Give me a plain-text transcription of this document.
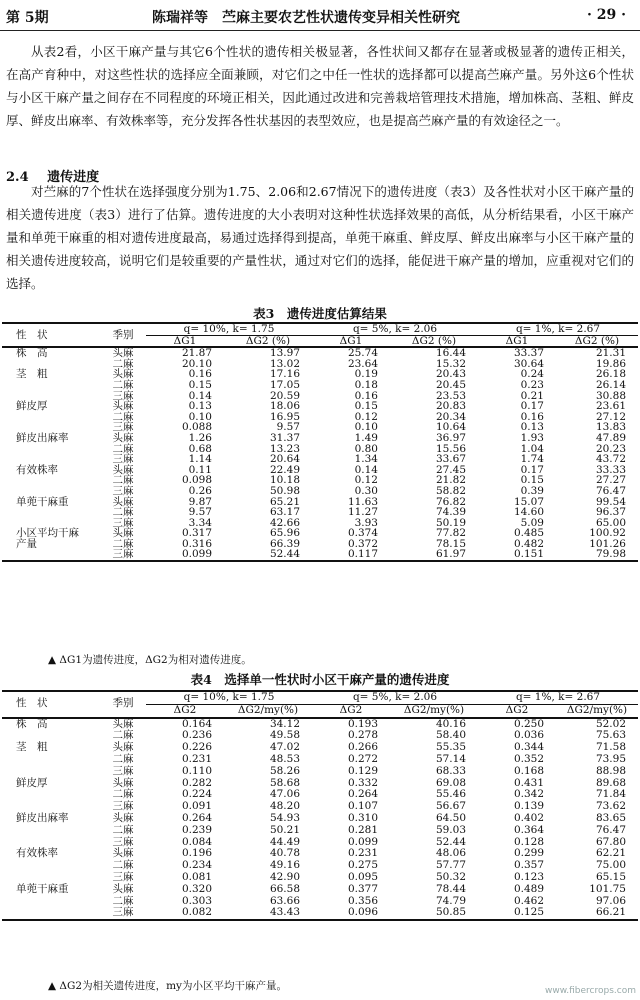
第 5期	陈瑞祥等　苎麻主要农艺性状遗传变异相关性研究	· 29 ·

从表2看，小区干麻产量与其它6个性状的遗传相关极显著，各性状间又都存在显著或极显著的遗传正相关，在高产育种中，对这些性状的选择应全面兼顾，对它们之中任一性状的选择都可以提高苎麻产量。另外这6个性状与小区干麻产量之间存在不同程度的环境正相关，因此通过改进和完善栽培管理技术措施，增加株高、茎粗、鲜皮厚、鲜皮出麻率、有效株率等，充分发挥各性状基因的表型效应，也是提高苎麻产量的有效途径之一。

2.4 遗传进度

对苎麻的7个性状在选择强度分别为1.75、2.06和2.67情况下的遗传进度（表3）及各性状对小区干麻产量的相关遗传进度（表3）进行了估算。遗传进度的大小表明对这种性状选择效果的高低，从分析结果看，小区干麻产量和单蔸干麻重的相对遗传进度最高，易通过选择得到提高，单蔸干麻重、鲜皮厚、鲜皮出麻率与小区干麻产量的相关遗传进度较高，说明它们是较重要的产量性状，通过对它们的选择，能促进干麻产量的增加，应重视对它们的选择。

表3　遗传进度估算结果
性　状	季别	q= 10%, k= 1.75		q= 5%, k= 2.06		q= 1%, k= 2.67	
		ΔG1	ΔG2 (%)	ΔG1	ΔG2 (%)	ΔG1	ΔG2 (%)
株　高	头麻	21.87	13.97	25.74	16.44	33.37	21.31
	二麻	20.10	13.02	23.64	15.32	30.64	19.86
茎　粗	头麻	0.16	17.16	0.19	20.43	0.24	26.18
	二麻	0.15	17.05	0.18	20.45	0.23	26.14
	三麻	0.14	20.59	0.16	23.53	0.21	30.88
鲜皮厚	头麻	0.13	18.06	0.15	20.83	0.17	23.61
	二麻	0.10	16.95	0.12	20.34	0.16	27.12
	三麻	0.088	9.57	0.10	10.64	0.13	13.83
鲜皮出麻率	头麻	1.26	31.37	1.49	36.97	1.93	47.89
	二麻	0.68	13.23	0.80	15.56	1.04	20.23
	三麻	1.14	20.64	1.34	33.67	1.74	43.72
有效株率	头麻	0.11	22.49	0.14	27.45	0.17	33.33
	二麻	0.098	10.18	0.12	21.82	0.15	27.27
	三麻	0.26	50.98	0.30	58.82	0.39	76.47
单蔸干麻重	头麻	9.87	65.21	11.63	76.82	15.07	99.54
	二麻	9.57	63.17	11.27	74.39	14.60	96.37
	三麻	3.34	42.66	3.93	50.19	5.09	65.00
小区平均干麻	头麻	0.317	65.96	0.374	77.82	0.485	100.92
产量	二麻	0.316	66.39	0.372	78.15	0.482	101.26
	三麻	0.099	52.44	0.117	61.97	0.151	79.98
▲ ΔG1为遗传进度，ΔG2为相对遗传进度。
表4　选择单一性状时小区干麻产量的遗传进度
性　状	季别	q= 10%, k= 1.75		q= 5%, k= 2.06		q= 1%, k= 2.67	
		ΔG2	ΔG2/my(%)	ΔG2	ΔG2/my(%)	ΔG2	ΔG2/my(%)
株　高	头麻	0.164	34.12	0.193	40.16	0.250	52.02
	二麻	0.236	49.58	0.278	58.40	0.036	75.63
茎　粗	头麻	0.226	47.02	0.266	55.35	0.344	71.58
	二麻	0.231	48.53	0.272	57.14	0.352	73.95
	三麻	0.110	58.26	0.129	68.33	0.168	88.98
鲜皮厚	头麻	0.282	58.68	0.332	69.08	0.431	89.68
	二麻	0.224	47.06	0.264	55.46	0.342	71.84
	三麻	0.091	48.20	0.107	56.67	0.139	73.62
鲜皮出麻率	头麻	0.264	54.93	0.310	64.50	0.402	83.65
	二麻	0.239	50.21	0.281	59.03	0.364	76.47
	三麻	0.084	44.49	0.099	52.44	0.128	67.80
有效株率	头麻	0.196	40.78	0.231	48.06	0.299	62.21
	二麻	0.234	49.16	0.275	57.77	0.357	75.00
	三麻	0.081	42.90	0.095	50.32	0.123	65.15
单蔸干麻重	头麻	0.320	66.58	0.377	78.44	0.489	101.75
	二麻	0.303	63.66	0.356	74.79	0.462	97.06
	三麻	0.082	43.43	0.096	50.85	0.125	66.21
▲ ΔG2为相关遗传进度，my为小区平均干麻产量。	www.fibercrops.com
